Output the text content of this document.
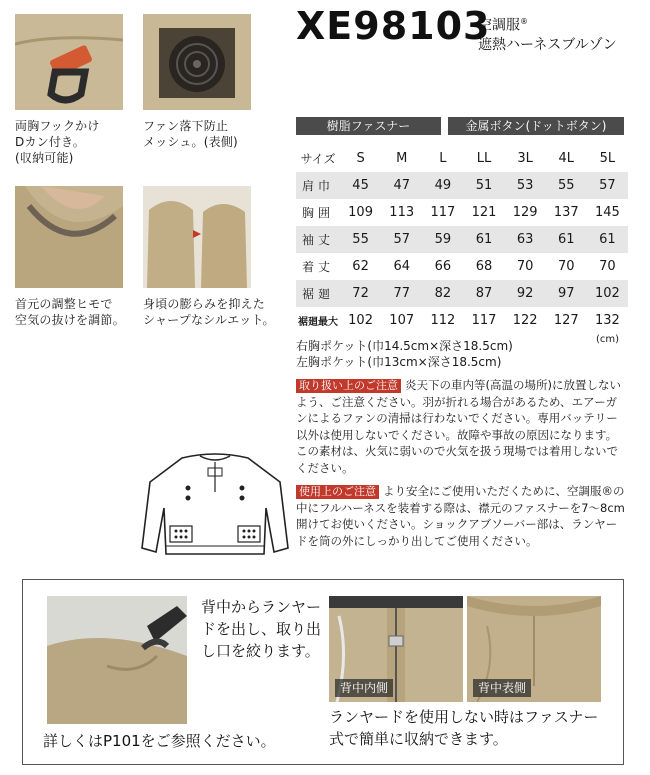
両胸フックかけ
Dカン付き。
(収納可能)
ファン落下防止
メッシュ。(表側)
首元の調整ヒモで
空気の抜けを調節。
身頃の膨らみを抑えた
シャープなシルエット。
XE98103
空調服®
遮熱ハーネスブルゾン
樹脂ファスナー	金属ボタン(ドットボタン)
サイズ	S	M	L	LL	3L	4L	5L
肩巾	45	47	49	51	53	55	57
胸囲	109	113	117	121	129	137	145
袖丈	55	57	59	61	63	61	61
着丈	62	64	66	68	70	70	70
裾廻	72	77	82	87	92	97	102
裾廻最大	102	107	112	117	122	127	132
(cm)
右胸ポケット(巾14.5cm×深さ18.5cm)
左胸ポケット(巾13cm×深さ18.5cm)
取り扱い上のご注意 炎天下の車内等(高温の場所)に放置しないよう、ご注意ください。羽が折れる場合があるため、エアーガンによるファンの清掃は行わないでください。専用バッテリー以外は使用しないでください。故障や事故の原因になります。この素材は、火気に弱いので火気を扱う現場では着用しないでください。
使用上のご注意 より安全にご使用いただくために、空調服®の中にフルハーネスを装着する際は、襟元のファスナーを7～8cm開けてお使いください。ショックアブソーバー部は、ランヤードを筒の外にしっかり出してご使用ください。
背中からランヤードを出し、取り出し口を絞ります。
詳しくはP101をご参照ください。
背中内側	背中表側
ランヤードを使用しない時はファスナー式で簡単に収納できます。
